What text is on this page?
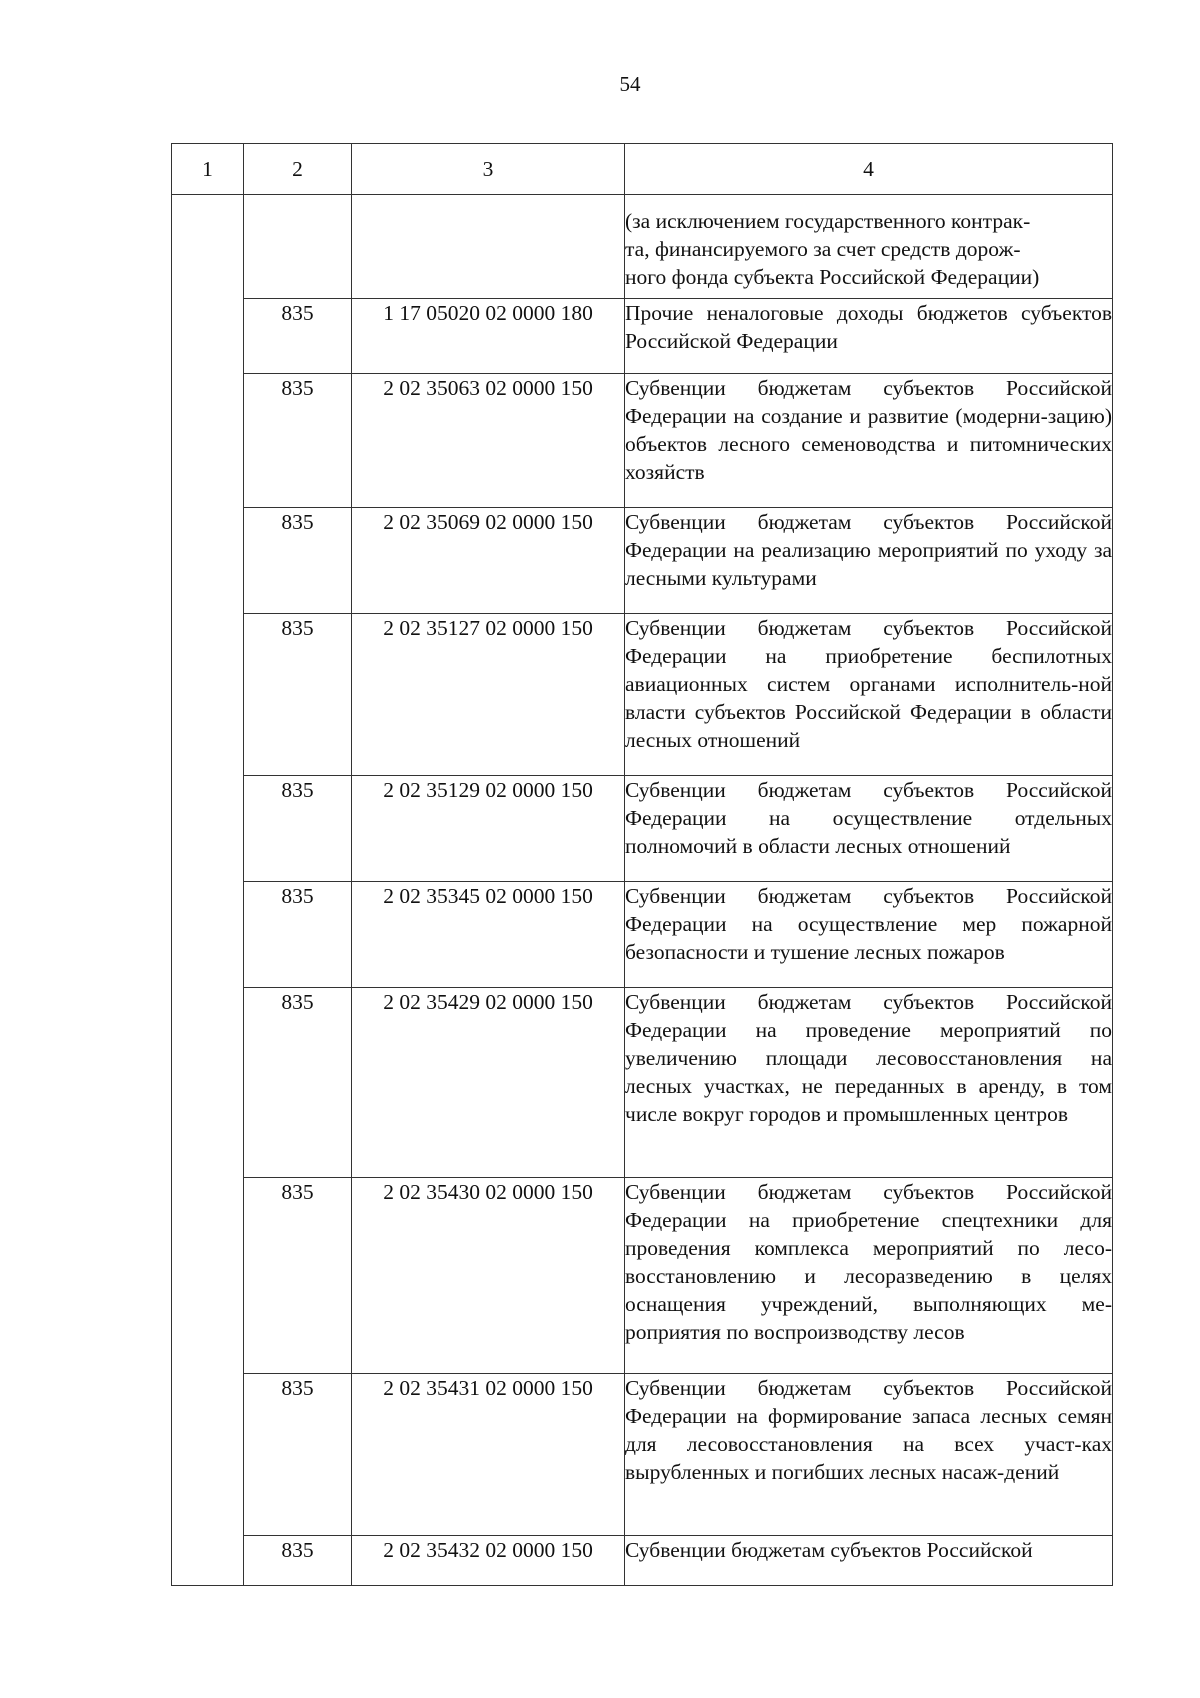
54
1	2	3	4
			(за исключением государственного контрак-
та, финансируемого за счет средств дорож-
ного фонда субъекта Российской Федерации)
	835	1 17 05020 02 0000 180	Прочие неналоговые доходы бюджетов субъектов Российской Федерации
	835	2 02 35063 02 0000 150	Субвенции бюджетам субъектов Российской Федерации на создание и развитие (модерни-зацию) объектов лесного семеноводства и питомнических хозяйств
	835	2 02 35069 02 0000 150	Субвенции бюджетам субъектов Российской Федерации на реализацию мероприятий по уходу за лесными культурами
	835	2 02 35127 02 0000 150	Субвенции бюджетам субъектов Российской Федерации на приобретение беспилотных авиационных систем органами исполнитель-ной власти субъектов Российской Федерации в области лесных отношений
	835	2 02 35129 02 0000 150	Субвенции бюджетам субъектов Российской Федерации на осуществление отдельных полномочий в области лесных отношений
	835	2 02 35345 02 0000 150	Субвенции бюджетам субъектов Российской Федерации на осуществление мер пожарной безопасности и тушение лесных пожаров
	835	2 02 35429 02 0000 150	Субвенции бюджетам субъектов Российской Федерации на проведение мероприятий по увеличению площади лесовосстановления на лесных участках, не переданных в аренду, в том числе вокруг городов и промышленных центров
	835	2 02 35430 02 0000 150	Субвенции бюджетам субъектов Российской Федерации на приобретение спецтехники для проведения комплекса мероприятий по лесо-восстановлению и лесоразведению в целях оснащения учреждений, выполняющих ме-роприятия по воспроизводству лесов
	835	2 02 35431 02 0000 150	Субвенции бюджетам субъектов Российской Федерации на формирование запаса лесных семян для лесовосстановления на всех участ-ках вырубленных и погибших лесных насаж-дений
	835	2 02 35432 02 0000 150	Субвенции бюджетам субъектов Российской
